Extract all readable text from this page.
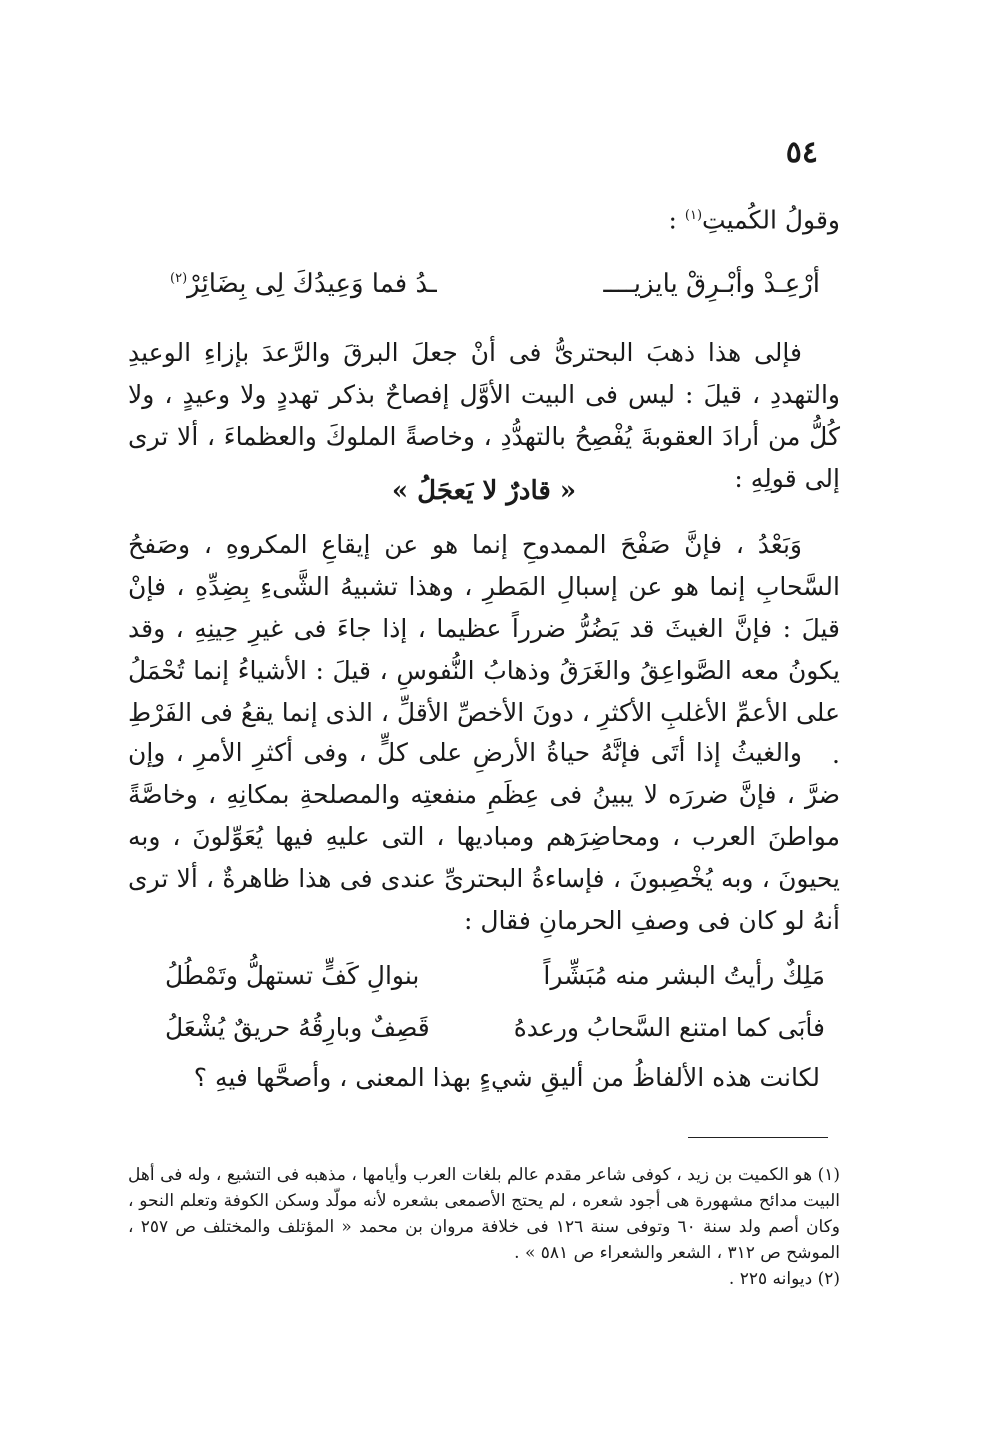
٥٤

وقولُ الكُميتِ$^{(١)}$ :

أرْعِـدْ وأبْـرِقْ يايزيــــ
ـدُ فما وَعِيدُكَ لِى بِضَائِرْ$^{(٢)}$

فإلى هذا ذهبَ البحترىُّ فى أنْ جعلَ البرقَ والرَّعدَ بإزاءِ الوعيدِ والتهددِ ، قيلَ : ليس فى البيت الأوَّل إفصاحٌ بذكر تهددٍ ولا وعيدٍ ، ولا كُلُّ من أرادَ العقوبةَ يُفْصِحُ بالتهدُّدِ ، وخاصةً الملوكَ والعظماءَ ، ألا ترى إلى قولِهِ :

« قادرٌ لا يَعجَلُ »

وَبَعْدُ ، فإنَّ صَفْحَ الممدوحِ إنما هو عن إيقاعِ المكروهِ ، وصَفحُ السَّحابِ إنما هو عن إسبالِ المَطرِ ، وهذا تشبيهُ الشَّىءِ بِضِدِّهِ ، فإنْ قيلَ : فإنَّ الغيثَ قد يَضُرُّ ضرراً عظيما ، إذا جاءَ فى غيرِ حِينِهِ ، وقد يكونُ معه الصَّواعِقُ والغَرَقُ وذهابُ النُّفوسِ ، قيلَ : الأشياءُ إنما تُحْمَلُ على الأعمِّ الأغلبِ الأكثرِ ، دونَ الأخصِّ الأقلِّ ، الذى إنما يقعُ فى الفَرْطِ .

والغيثُ إذا أتَى فإنَّهُ حياةُ الأرضِ على كلٍّ ، وفى أكثرِ الأمرِ ، وإن ضرَّ ، فإنَّ ضررَه لا يبينُ فى عِظَمِ منفعتِه والمصلحةِ بمكانِهِ ، وخاصَّةً مواطنَ العرب ، ومحاضِرَهم ومباديها ، التى عليهِ فيها يُعَوِّلونَ ، وبه يحيونَ ، وبه يُخْصِبونَ ، فإساءةُ البحترىِّ عندى فى هذا ظاهرةٌ ، ألا ترى أنهُ لو كان فى وصفِ الحرمانِ فقال :

مَلِكٌ رأيتُ البشر منه مُبَشِّراً
بنوالِ كَفٍّ تستهلُّ وتَمْطُلُ
فأبَى كما امتنع السَّحابُ ورعدهُ
قَصِفٌ وبارِقُهُ حريقٌ يُشْعَلُ
لكانت هذه الألفاظُ من أليقِ شيءٍ بهذا المعنى ، وأصحَّها فيهِ ؟

(١) هو الكميت بن زيد ، كوفى شاعر مقدم عالم بلغات العرب وأيامها ، مذهبه فى التشيع ، وله فى أهل البيت مدائح مشهورة هى أجود شعره ، لم يحتج الأصمعى بشعره لأنه مولّد وسكن الكوفة وتعلم النحو ، وكان أصم ولد سنة ٦٠ وتوفى سنة ١٢٦ فى خلافة مروان بن محمد « المؤتلف والمختلف ص ٢٥٧ ، الموشح ص ٣١٢ ، الشعر والشعراء ص ٥٨١ » .

(٢) ديوانه ٢٢٥ .
